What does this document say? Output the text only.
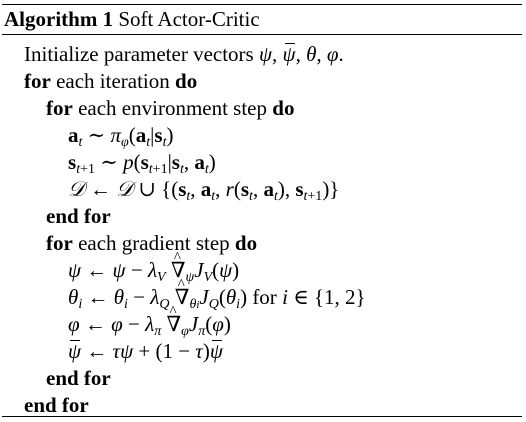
Algorithm 1 Soft Actor-Critic
Initialize parameter vectors ψ, ψ, θ, φ.
for each iteration do
for each environment step do
$a_t$ ∼ $\pi_\varphi(a_t|s_t)$
$s_{t+1}$ ∼ $p(s_{t+1}|s_t$, $a_t$)
𝒟 ← 𝒟 ∪ {($s_t$, $a_t$, $r(s_t$, $a_t$), $s_{t+1}$)}
end for
for each gradient step do
ψ ← $\psi - \lambda_V$ ^ $\nabla_\psi J_V(\psi)$
$\theta_i$ ← $\theta_i - \lambda_Q$ ^ $\nabla_{\theta i}J_Q(\theta_i)$ for i ∈ {1, 2}
φ ← $\varphi - \lambda_\pi$ ^ $\nabla_\varphi J_\pi(\varphi)$
ψ ← τψ + (1 − τ)ψ
end for
end for
